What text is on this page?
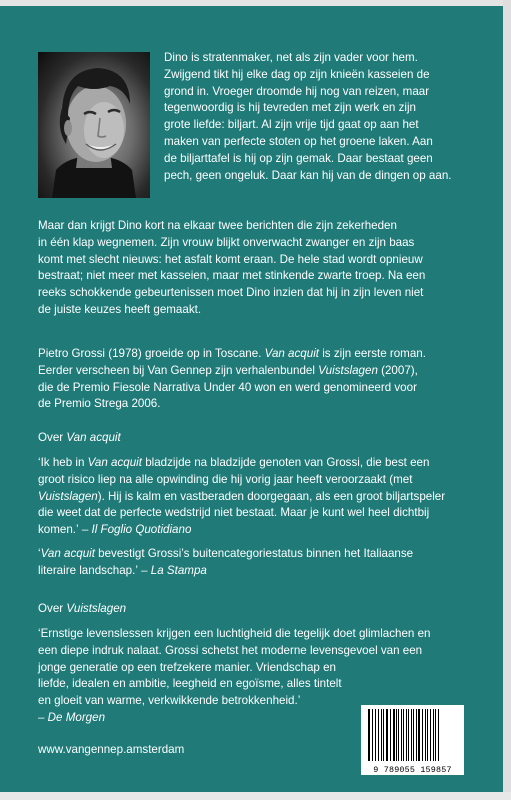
Dino is stratenmaker, net als zijn vader voor hem.
Zwijgend tikt hij elke dag op zijn knieën kasseien de
grond in. Vroeger droomde hij nog van reizen, maar
tegenwoordig is hij tevreden met zijn werk en zijn
grote liefde: biljart. Al zijn vrije tijd gaat op aan het
maken van perfecte stoten op het groene laken. Aan
de biljarttafel is hij op zijn gemak. Daar bestaat geen
pech, geen ongeluk. Daar kan hij van de dingen op aan.
Maar dan krijgt Dino kort na elkaar twee berichten die zijn zekerheden
in één klap wegnemen. Zijn vrouw blijkt onverwacht zwanger en zijn baas
komt met slecht nieuws: het asfalt komt eraan. De hele stad wordt opnieuw
bestraat; niet meer met kasseien, maar met stinkende zwarte troep. Na een
reeks schokkende gebeurtenissen moet Dino inzien dat hij in zijn leven niet
de juiste keuzes heeft gemaakt.
Pietro Grossi (1978) groeide op in Toscane. Van acquit is zijn eerste roman.
Eerder verscheen bij Van Gennep zijn verhalenbundel Vuistslagen (2007),
die de Premio Fiesole Narrativa Under 40 won en werd genomineerd voor
de Premio Strega 2006.
Over Van acquit
‘Ik heb in Van acquit bladzijde na bladzijde genoten van Grossi, die best een
groot risico liep na alle opwinding die hij vorig jaar heeft veroorzaakt (met
Vuistslagen). Hij is kalm en vastberaden doorgegaan, als een groot biljartspeler
die weet dat de perfecte wedstrijd niet bestaat. Maar je kunt wel heel dichtbij
komen.’ – Il Foglio Quotidiano
‘Van acquit bevestigt Grossi’s buitencategoriestatus binnen het Italiaanse
literaire landschap.’ – La Stampa
Over Vuistslagen
‘Ernstige levenslessen krijgen een luchtigheid die tegelijk doet glimlachen en
een diepe indruk nalaat. Grossi schetst het moderne levensgevoel van een
jonge generatie op een trefzekere manier. Vriendschap en
liefde, idealen en ambitie, leegheid en egoïsme, alles tintelt
en gloeit van warme, verkwikkende betrokkenheid.’
– De Morgen
www.vangennep.amsterdam
9 789055 159857
